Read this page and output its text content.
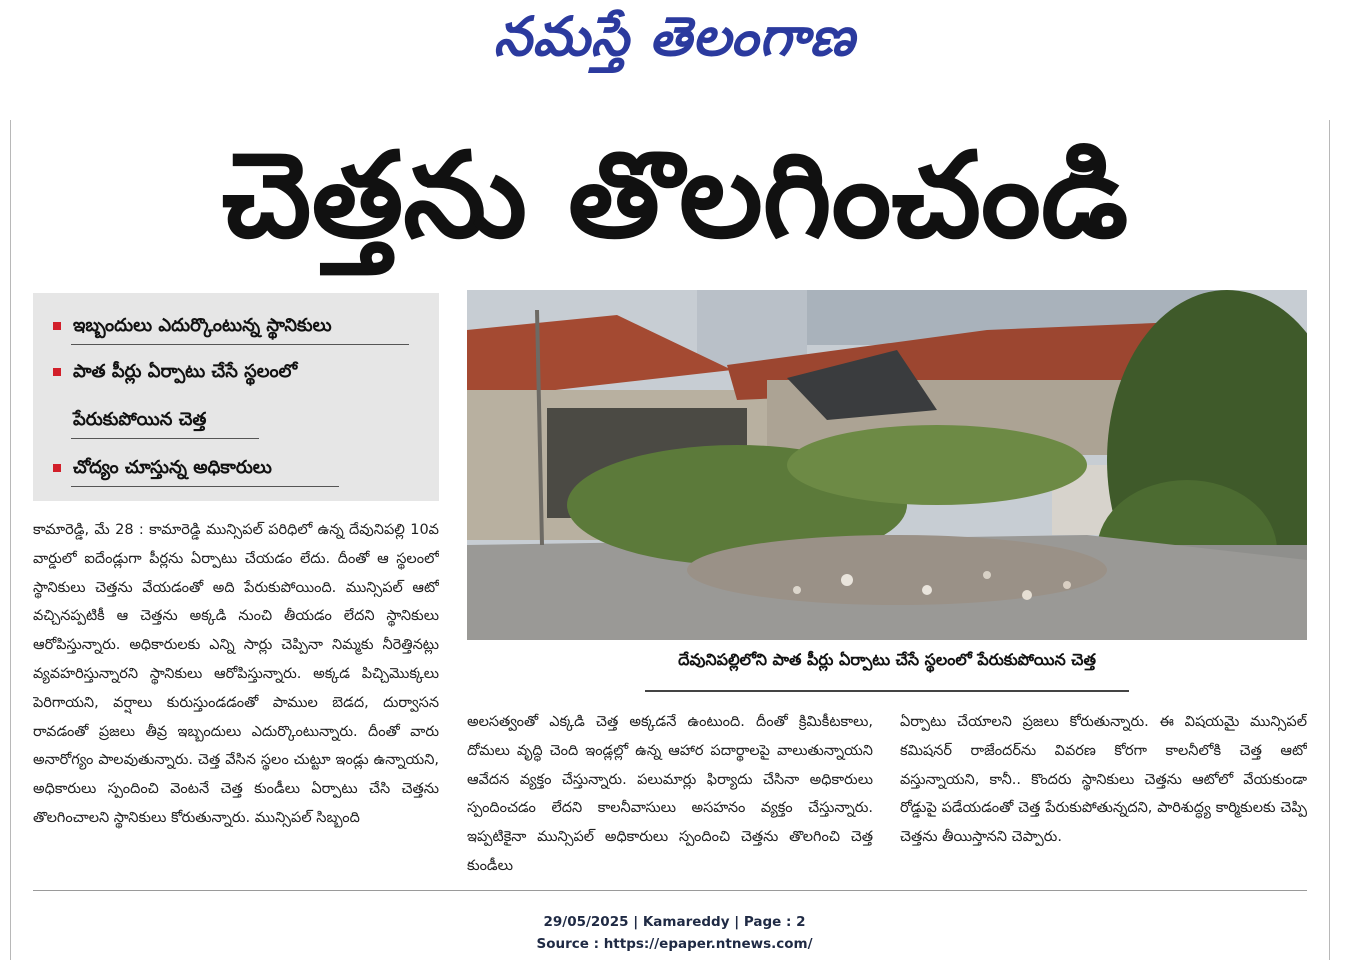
నమస్తే తెలంగాణ
చెత్తను తొలగించండి
ఇబ్బందులు ఎదుర్కొంటున్న స్థానికులు
పాత పీర్లు ఏర్పాటు చేసే స్థలంలో
పేరుకుపోయిన చెత్త
చోద్యం చూస్తున్న అధికారులు
దేవునిపల్లిలోని పాత పీర్లు ఏర్పాటు చేసే స్థలంలో పేరుకుపోయిన చెత్త

కామారెడ్డి, మే 28 : కామారెడ్డి మున్సిపల్ పరిధిలో ఉన్న దేవునిపల్లి 10వ వార్డులో ఐదేండ్లుగా పీర్లను ఏర్పాటు చేయడం లేదు. దీంతో ఆ స్థలంలో స్థానికులు చెత్తను వేయడంతో అది పేరుకుపోయింది. మున్సిపల్ ఆటో వచ్చినప్పటికీ ఆ చెత్తను అక్కడి నుంచి తీయడం లేదని స్థానికులు ఆరోపిస్తున్నారు. అధికారులకు ఎన్ని సార్లు చెప్పినా నిమ్మకు నీరెత్తినట్లు వ్యవహరిస్తున్నారని స్థానికులు ఆరోపిస్తున్నారు. అక్కడ పిచ్చిమొక్కలు పెరిగాయని, వర్షాలు కురుస్తుండడంతో పాముల బెడద, దుర్వాసన రావడంతో ప్రజలు తీవ్ర ఇబ్బందులు ఎదుర్కొంటున్నారు. దీంతో వారు అనారోగ్యం పాలవుతున్నారు. చెత్త వేసిన స్థలం చుట్టూ ఇండ్లు ఉన్నాయని, అధికారులు స్పందించి వెంటనే చెత్త కుండీలు ఏర్పాటు చేసి చెత్తను తొలగించాలని స్థానికులు కోరుతున్నారు. మున్సిపల్ సిబ్బంది

అలసత్వంతో ఎక్కడి చెత్త అక్కడనే ఉంటుంది. దీంతో క్రిమికీటకాలు, దోమలు వృద్ధి చెంది ఇండ్లల్లో ఉన్న ఆహార పదార్థాలపై వాలుతున్నాయని ఆవేదన వ్యక్తం చేస్తున్నారు. పలుమార్లు ఫిర్యాదు చేసినా అధికారులు స్పందించడం లేదని కాలనీవాసులు అసహనం వ్యక్తం చేస్తున్నారు. ఇప్పటికైనా మున్సిపల్ అధికారులు స్పందించి చెత్తను తొలగించి చెత్త కుండీలు

ఏర్పాటు చేయాలని ప్రజలు కోరుతున్నారు. ఈ విషయమై మున్సిపల్ కమిషనర్ రాజేందర్‌ను వివరణ కోరగా కాలనీలోకి చెత్త ఆటో వస్తున్నాయని, కానీ.. కొందరు స్థానికులు చెత్తను ఆటోలో వేయకుండా రోడ్డుపై పడేయడంతో చెత్త పేరుకుపోతున్నదని, పారిశుద్ధ్య కార్మికులకు చెప్పి చెత్తను తీయిస్తానని చెప్పారు.

29/05/2025 | Kamareddy | Page : 2
Source : https://epaper.ntnews.com/
